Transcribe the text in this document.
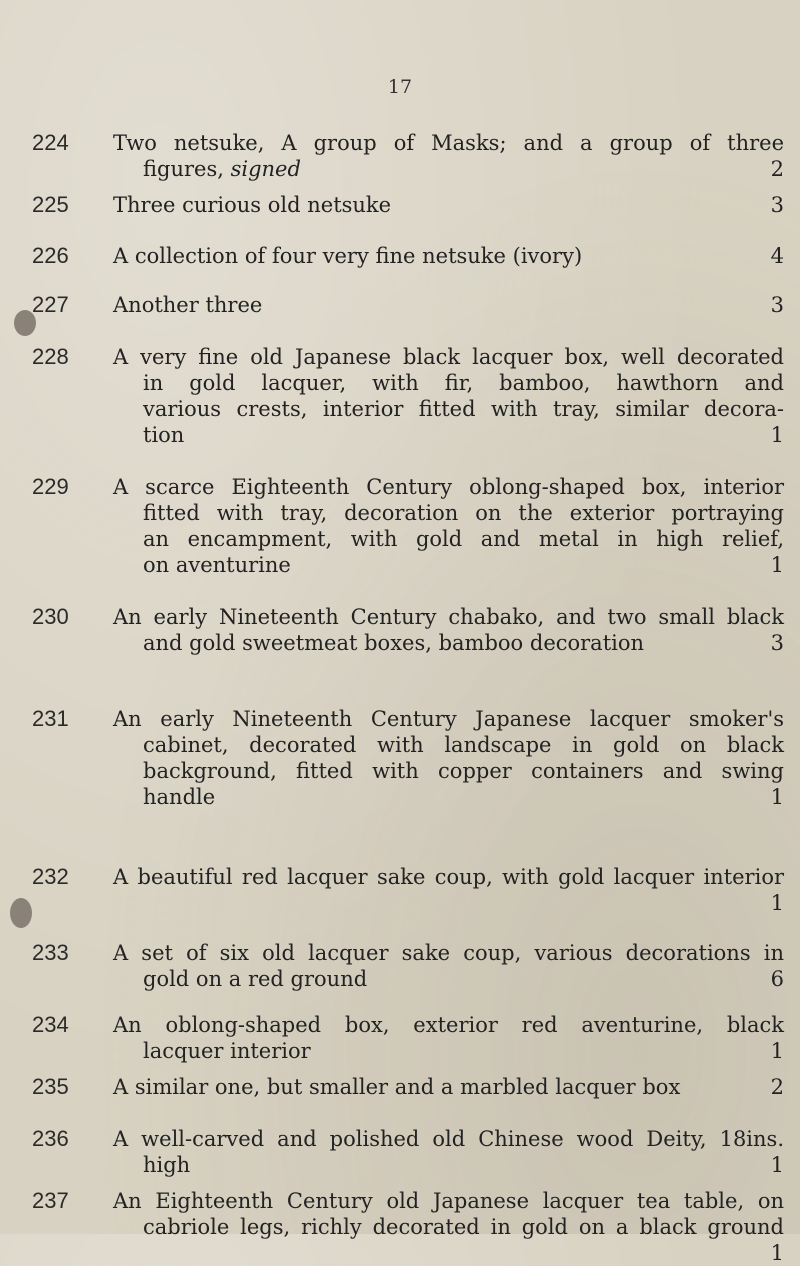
17
224	Two netsuke, A group of Masks; and a group of three
figures, signed	2
225	Three curious old netsuke	3
226	A collection of four very fine netsuke (ivory)	4
227	Another three	3
228	A very fine old Japanese black lacquer box, well decorated
in gold lacquer, with fir, bamboo, hawthorn and
various crests, interior fitted with tray, similar decora-
tion	1
229	A scarce Eighteenth Century oblong-shaped box, interior
fitted with tray, decoration on the exterior portraying
an encampment, with gold and metal in high relief,
on aventurine	1
230	An early Nineteenth Century chabako, and two small black
and gold sweetmeat boxes, bamboo decoration	3
231	An early Nineteenth Century Japanese lacquer smoker's
cabinet, decorated with landscape in gold on black
background, fitted with copper containers and swing
handle	1
232	A beautiful red lacquer sake coup, with gold lacquer interior
1
233	A set of six old lacquer sake coup, various decorations in
gold on a red ground	6
234	An oblong-shaped box, exterior red aventurine, black
lacquer interior	1
235	A similar one, but smaller and a marbled lacquer box	2
236	A well-carved and polished old Chinese wood Deity, 18ins.
high	1
237	An Eighteenth Century old Japanese lacquer tea table, on
cabriole legs, richly decorated in gold on a black ground
1
